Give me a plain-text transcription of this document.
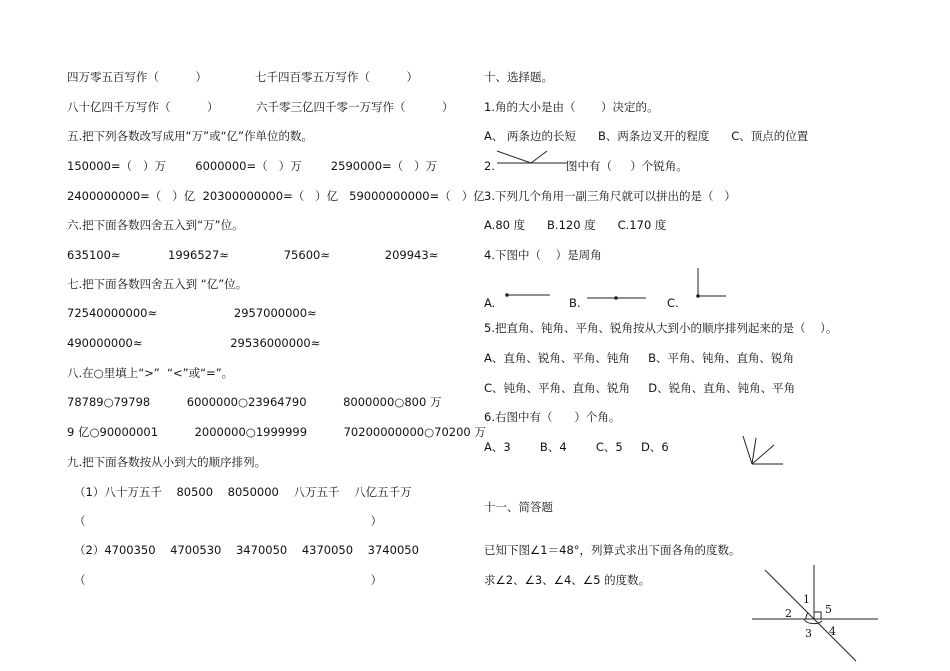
四万零五百写作（          ）	七千四百零五万写作（          ）
八十亿四千万写作（          ）	六千零三亿四千零一万写作（          ）
五.把下列各数改写成用“万”或“亿”作单位的数。
150000=（   ）万        6000000=（   ）万        2590000=（   ）万
2400000000=（   ）亿  20300000000=（   ）亿   59000000000=（   ）亿
六.把下面各数四舍五入到“万”位。
635100≈             1996527≈               75600≈               209943≈
七.把下面各数四舍五入到 “亿”位。
72540000000≈                     2957000000≈
490000000≈                        29536000000≈
八.在○里填上“>”  “<”或“=”。
78789○79798          6000000○23964790          8000000○800 万
9 亿○90000001          2000000○1999999          70200000000○70200 万
九.把下面各数按从小到大的顺序排列。
（1）八十万五千    80500    8050000    八万五千    八亿五千万
（                                                                              ）
（2）4700350    4700530    3470050    4370050    3740050
（                                                                              ）
十、选择题。
1.角的大小是由（       ）决定的。
A、 两条边的长短      B、两条边叉开的程度      C、顶点的位置
2.	图中有（     ）个锐角。
3.下列几个角用一副三角尺就可以拼出的是（   ）
A.80 度      B.120 度      C.170 度
4.下图中（    ）是周角
A.	B.	C.
5.把直角、钝角、平角、锐角按从大到小的顺序排列起来的是（    ）。
A、直角、锐角、平角、钝角     B、平角、钝角、直角、锐角
C、钝角、平角、直角、锐角     D、锐角、直角、钝角、平角
6.右图中有（      ）个角。
A、3        B、4        C、5     D、6
十一、简答题
已知下图∠1＝48°，列算式求出下面各角的度数。
求∠2、∠3、∠4、∠5 的度数。
1
2
3 4
5
